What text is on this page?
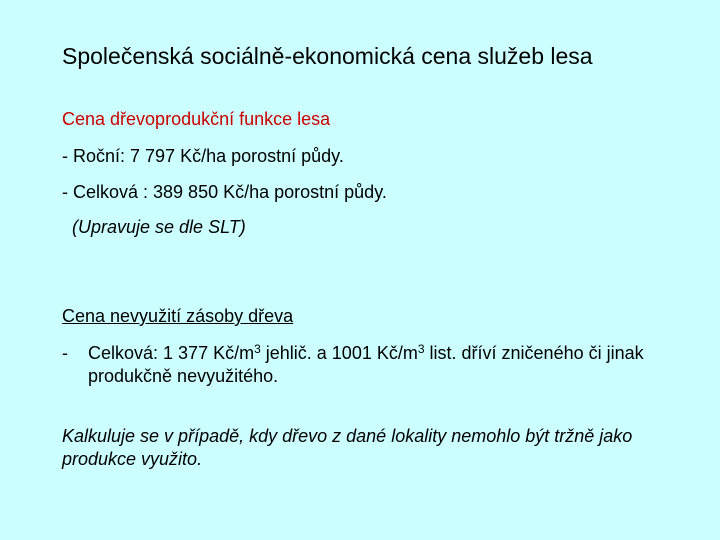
Společenská sociálně-ekonomická cena služeb lesa
Cena dřevoprodukční funkce lesa
- Roční: 7 797 Kč/ha porostní půdy.
- Celková : 389 850 Kč/ha porostní půdy.
(Upravuje se dle SLT)
Cena nevyužití zásoby dřeva
- Celková: 1 377 $Kč/m^3$ jehlič. a 1001 $Kč/m^3$ list. dříví zničeného či jinak produkčně nevyužitého.
Kalkuluje se v případě, kdy dřevo z dané lokality nemohlo být tržně jako produkce využito.
